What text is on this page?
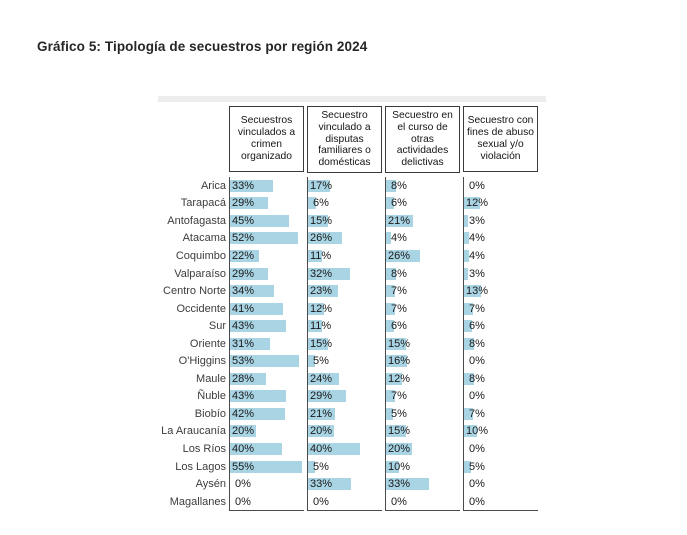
Gráfico 5: Tipología de secuestros por región 2024
Arica
Tarapacá
Antofagasta
Atacama
Coquimbo
Valparaíso
Centro Norte
Occidente
Sur
Oriente
O'Higgins
Maule
Ñuble
Biobío
La Araucanía
Los Ríos
Los Lagos
Aysén
Magallanes
Secuestros vinculados a crimen organizado
33%
29%
45%
52%
22%
29%
34%
41%
43%
31%
53%
28%
43%
42%
20%
40%
55%
0%
0%
Secuestro vinculado a disputas familiares o domésticas
17%
6%
15%
26%
11%
32%
23%
12%
11%
15%
5%
24%
29%
21%
20%
40%
5%
33%
0%
Secuestro en el curso de otras actividades delictivas
8%
6%
21%
4%
26%
8%
7%
7%
6%
15%
16%
12%
7%
5%
15%
20%
10%
33%
0%
Secuestro con fines de abuso sexual y/o violación
0%
12%
3%
4%
4%
3%
13%
7%
6%
8%
0%
8%
0%
7%
10%
0%
5%
0%
0%
